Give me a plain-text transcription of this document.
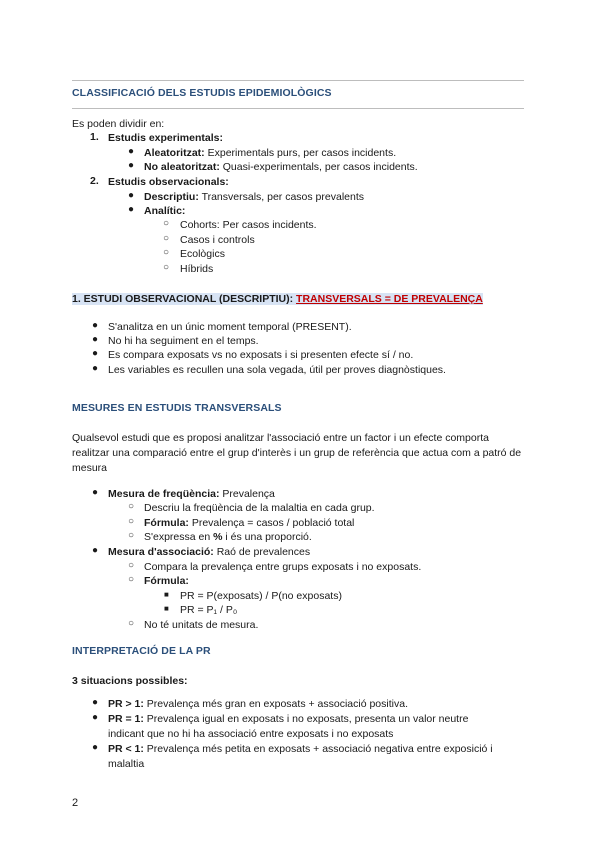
CLASSIFICACIÓ DELS ESTUDIS EPIDEMIOLÒGICS
Es poden dividir en:
1. Estudis experimentals:
● Aleatoritzat: Experimentals purs, per casos incidents.
● No aleatoritzat: Quasi-experimentals, per casos incidents.
2. Estudis observacionals:
● Descriptiu: Transversals, per casos prevalents
● Analític:
○ Cohorts: Per casos incidents.
○ Casos i controls
○ Ecològics
○ Híbrids
1. ESTUDI OBSERVACIONAL (DESCRIPTIU): TRANSVERSALS = DE PREVALENÇA
● S'analitza en un únic moment temporal (PRESENT).
● No hi ha seguiment en el temps.
● Es compara exposats vs no exposats i si presenten efecte sí / no.
● Les variables es recullen una sola vegada, útil per proves diagnòstiques.
MESURES EN ESTUDIS TRANSVERSALS
Qualsevol estudi que es proposi analitzar l'associació entre un factor i un efecte comporta realitzar una comparació entre el grup d'interès i un grup de referència que actua com a patró de mesura
● Mesura de freqüència: Prevalença
○ Descriu la freqüència de la malaltia en cada grup.
○ Fórmula: Prevalença = casos / població total
○ S'expressa en % i és una proporció.
● Mesura d'associació: Raó de prevalences
○ Compara la prevalença entre grups exposats i no exposats.
○ Fórmula:
■ PR = P(exposats) / P(no exposats)
■ PR = P₁ / P₀
○ No té unitats de mesura.
INTERPRETACIÓ DE LA PR
3 situacions possibles:
● PR > 1: Prevalença més gran en exposats + associació positiva.
● PR = 1: Prevalença igual en exposats i no exposats, presenta un valor neutre
indicant que no hi ha associació entre exposats i no exposats
● PR < 1: Prevalença més petita en exposats + associació negativa entre exposició i
malaltia
2
